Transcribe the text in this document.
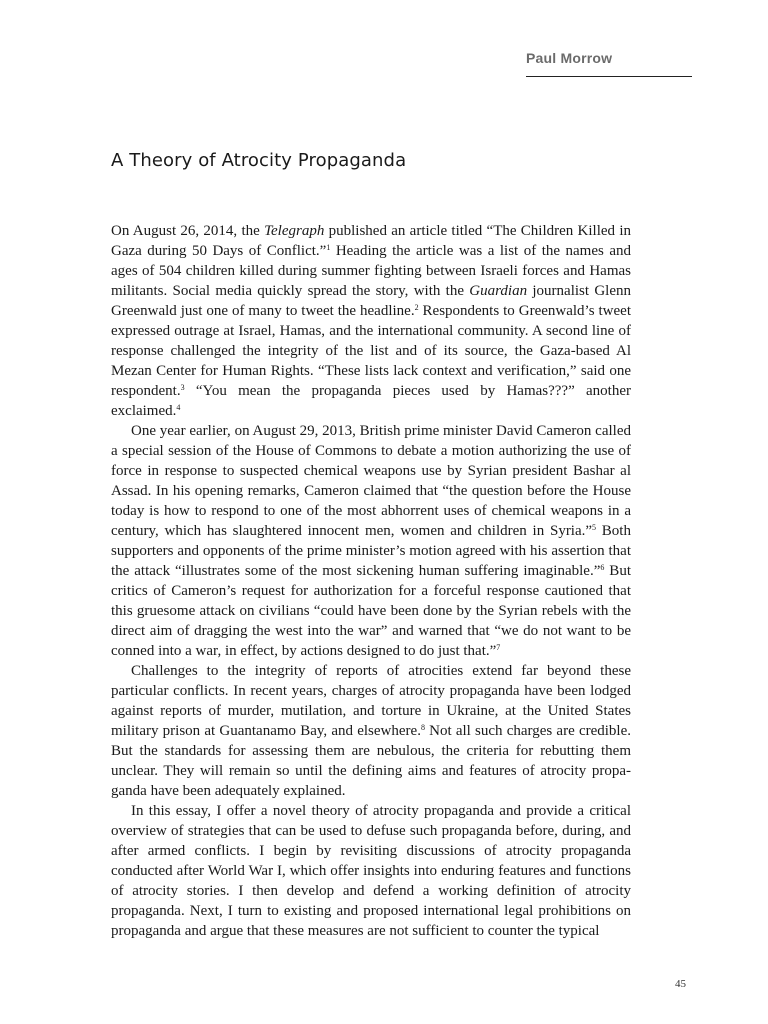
Paul Morrow
A Theory of Atrocity Propaganda

On August 26, 2014, the Telegraph published an article titled “The Children Killed in Gaza during 50 Days of Conflict.”$^1$ Heading the article was a list of the names and ages of 504 children killed during summer fighting between Israeli forces and Hamas militants. Social media quickly spread the story, with the Guardian journalist Glenn Greenwald just one of many to tweet the headline.$^2$ Respondents to Greenwald’s tweet expressed outrage at Israel, Hamas, and the international community. A second line of response challenged the integrity of the list and of its source, the Gaza-based Al Mezan Center for Human Rights. “These lists lack context and verification,” said one respondent.$^3$ “You mean the propaganda pieces used by Hamas???” another exclaimed.$^4$

One year earlier, on August 29, 2013, British prime minister David Cameron called a special session of the House of Commons to debate a motion authorizing the use of force in response to suspected chemical weapons use by Syrian president Bashar al Assad. In his opening remarks, Cameron claimed that “the question before the House today is how to respond to one of the most abhorrent uses of chemical weapons in a century, which has slaughtered innocent men, women and children in Syria.”$^5$ Both supporters and opponents of the prime minister’s motion agreed with his assertion that the attack “illustrates some of the most sickening human suffering imaginable.”$^6$ But critics of Cameron’s request for authorization for a forceful response cautioned that this gruesome attack on civilians “could have been done by the Syrian rebels with the direct aim of dragging the west into the war” and warned that “we do not want to be conned into a war, in effect, by actions designed to do just that.”$^7$

Challenges to the integrity of reports of atrocities extend far beyond these particular conflicts. In recent years, charges of atrocity propaganda have been lodged against reports of murder, mutilation, and torture in Ukraine, at the United States military prison at Guantanamo Bay, and elsewhere.$^8$ Not all such charges are credible. But the standards for assessing them are nebulous, the criteria for rebutting them unclear. They will remain so until the defining aims and features of atrocity propaganda have been adequately explained.

In this essay, I offer a novel theory of atrocity propaganda and provide a critical overview of strategies that can be used to defuse such propaganda before, during, and after armed conflicts. I begin by revisiting discussions of atrocity propaganda conducted after World War I, which offer insights into enduring features and functions of atrocity stories. I then develop and defend a working definition of atrocity propaganda. Next, I turn to existing and proposed international legal prohibitions on propaganda and argue that these measures are not sufficient to counter the typical

45
